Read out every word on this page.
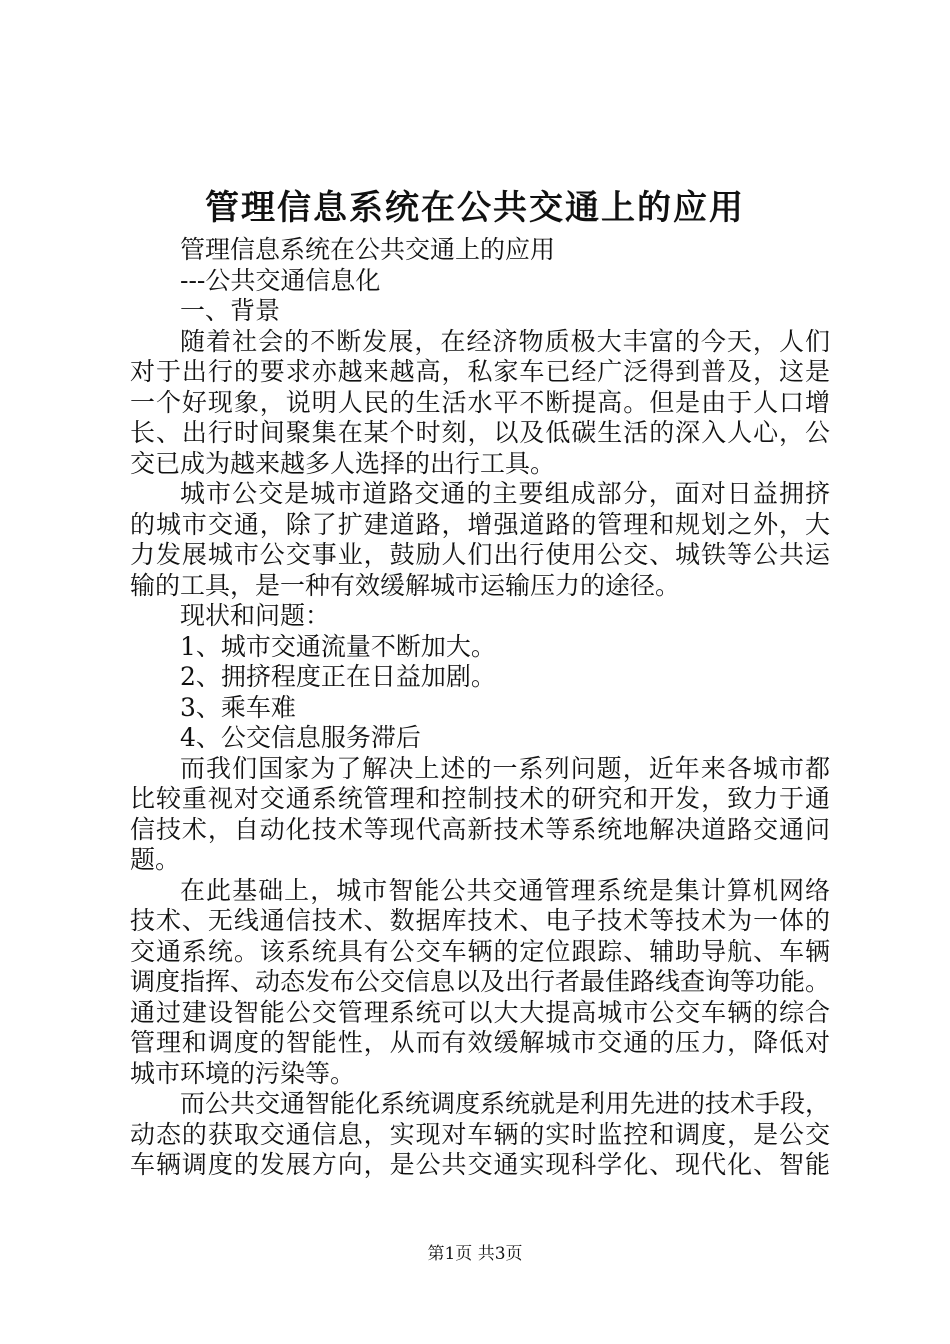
管理信息系统在公共交通上的应用
管理信息系统在公共交通上的应用
---公共交通信息化
一、背景
随着社会的不断发展，在经济物质极大丰富的今天，人们
对于出行的要求亦越来越高，私家车已经广泛得到普及，这是
一个好现象，说明人民的生活水平不断提高。但是由于人口增
长、出行时间聚集在某个时刻，以及低碳生活的深入人心，公
交已成为越来越多人选择的出行工具。
城市公交是城市道路交通的主要组成部分，面对日益拥挤
的城市交通，除了扩建道路，增强道路的管理和规划之外，大
力发展城市公交事业，鼓励人们出行使用公交、城铁等公共运
输的工具，是一种有效缓解城市运输压力的途径。
现状和问题：
1、城市交通流量不断加大。
2、拥挤程度正在日益加剧。
3、乘车难
4、公交信息服务滞后
而我们国家为了解决上述的一系列问题，近年来各城市都
比较重视对交通系统管理和控制技术的研究和开发，致力于通
信技术，自动化技术等现代高新技术等系统地解决道路交通问
题。
在此基础上，城市智能公共交通管理系统是集计算机网络
技术、无线通信技术、数据库技术、电子技术等技术为一体的
交通系统。该系统具有公交车辆的定位跟踪、辅助导航、车辆
调度指挥、动态发布公交信息以及出行者最佳路线查询等功能。
通过建设智能公交管理系统可以大大提高城市公交车辆的综合
管理和调度的智能性，从而有效缓解城市交通的压力，降低对
城市环境的污染等。
而公共交通智能化系统调度系统就是利用先进的技术手段，
动态的获取交通信息，实现对车辆的实时监控和调度，是公交
车辆调度的发展方向，是公共交通实现科学化、现代化、智能
第1页 共3页
